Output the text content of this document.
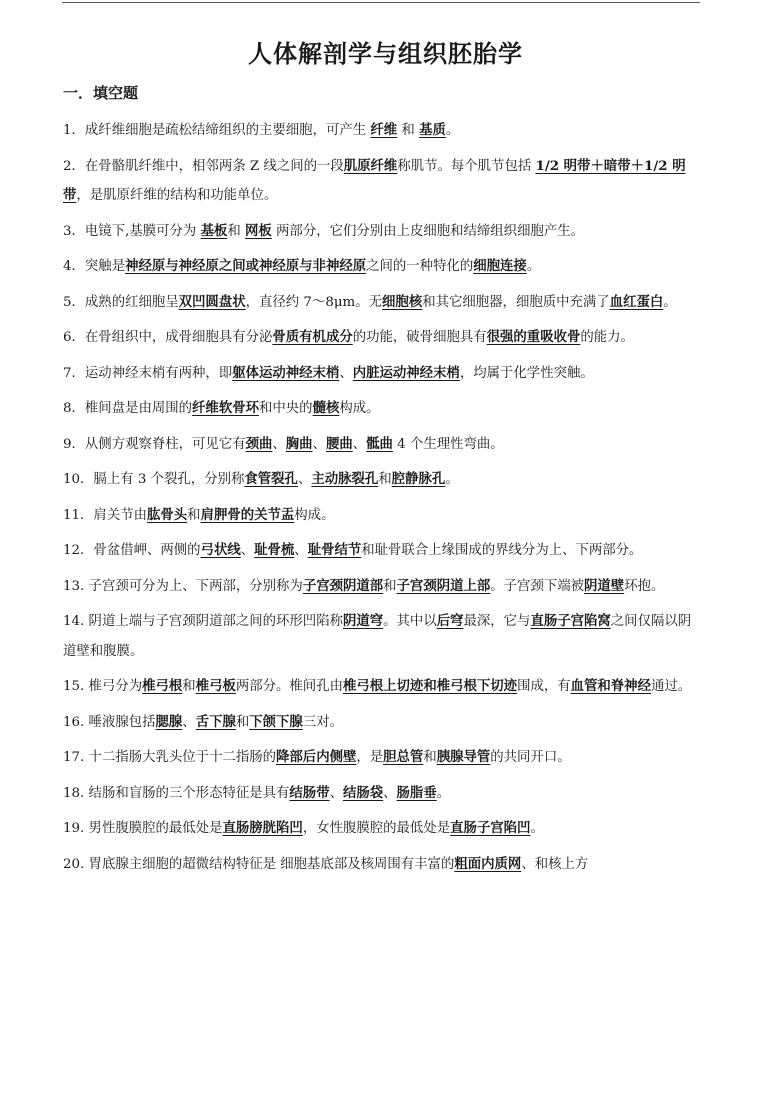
人体解剖学与组织胚胎学
一．填空题
1．成纤维细胞是疏松结缔组织的主要细胞，可产生 纤维 和 基质。
2．在骨骼肌纤维中，相邻两条 Z 线之间的一段肌原纤维称肌节。每个肌节包括 1/2 明带＋暗带＋1/2 明带，是肌原纤维的结构和功能单位。
3．电镜下,基膜可分为 基板和 网板 两部分，它们分别由上皮细胞和结缔组织细胞产生。
4．突触是神经原与神经原之间或神经原与非神经原之间的一种特化的细胞连接。
5．成熟的红细胞呈双凹圆盘状，直径约 7～8μm。无细胞核和其它细胞器，细胞质中充满了血红蛋白。
6．在骨组织中，成骨细胞具有分泌骨质有机成分的功能，破骨细胞具有很强的重吸收骨的能力。
7．运动神经末梢有两种，即躯体运动神经末梢、内脏运动神经末梢，均属于化学性突触。
8．椎间盘是由周围的纤维软骨环和中央的髓核构成。
9．从侧方观察脊柱，可见它有颈曲、胸曲、腰曲、骶曲 4 个生理性弯曲。
10．膈上有 3 个裂孔，分别称食管裂孔、主动脉裂孔和腔静脉孔。
11．肩关节由肱骨头和肩胛骨的关节盂构成。
12．骨盆借岬、两侧的弓状线、耻骨梳、耻骨结节和耻骨联合上缘围成的界线分为上、下两部分。
13. 子宫颈可分为上、下两部，分别称为子宫颈阴道部和子宫颈阴道上部。子宫颈下端被阴道壁环抱。
14. 阴道上端与子宫颈阴道部之间的环形凹陷称阴道穹。其中以后穹最深，它与直肠子宫陷窝之间仅隔以阴道壁和腹膜。
15. 椎弓分为椎弓根和椎弓板两部分。椎间孔由椎弓根上切迹和椎弓根下切迹围成，有血管和脊神经通过。
16. 唾液腺包括腮腺、舌下腺和下颌下腺三对。
17. 十二指肠大乳头位于十二指肠的降部后内侧壁，是胆总管和胰腺导管的共同开口。
18. 结肠和盲肠的三个形态特征是具有结肠带、结肠袋、肠脂垂。
19. 男性腹膜腔的最低处是直肠膀胱陷凹，女性腹膜腔的最低处是直肠子宫陷凹。
20. 胃底腺主细胞的超微结构特征是 细胞基底部及核周围有丰富的粗面内质网、和核上方
